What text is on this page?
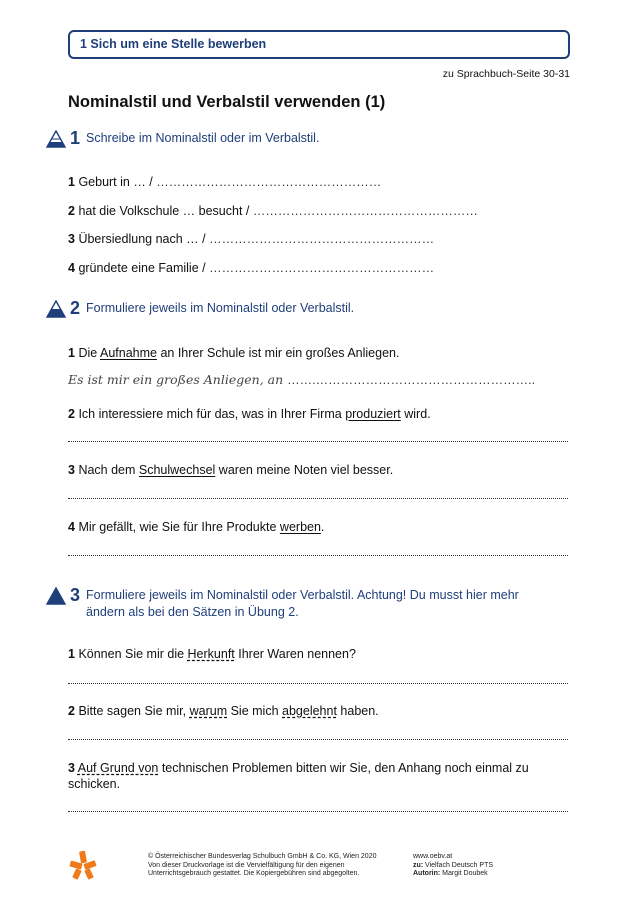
1 Sich um eine Stelle bewerben
zu Sprachbuch-Seite 30-31
Nominalstil und Verbalstil verwenden (1)
1 Schreibe im Nominalstil oder im Verbalstil.
1 Geburt in … / ………………………………………………
2 hat die Volkschule … besucht / ………………………………………………
3 Übersiedlung nach … / ………………………………………………
4 gründete eine Familie / ………………………………………………
2 Formuliere jeweils im Nominalstil oder Verbalstil.
1 Die Aufnahme an Ihrer Schule ist mir ein großes Anliegen.
Es ist mir ein großes Anliegen, an …….……………………………………………..
2 Ich interessiere mich für das, was in Ihrer Firma produziert wird.
3 Nach dem Schulwechsel waren meine Noten viel besser.
4 Mir gefällt, wie Sie für Ihre Produkte werben.
3 Formuliere jeweils im Nominalstil oder Verbalstil. Achtung! Du musst hier mehr
ändern als bei den Sätzen in Übung 2.
1 Können Sie mir die Herkunft Ihrer Waren nennen?
2 Bitte sagen Sie mir, warum Sie mich abgelehnt haben.
3 Auf Grund von technischen Problemen bitten wir Sie, den Anhang noch einmal zu
schicken.
© Österreichischer Bundesverlag Schulbuch GmbH & Co. KG, Wien 2020
Von dieser Druckvorlage ist die Vervielfältigung für den eigenen
Unterrichtsgebrauch gestattet. Die Kopiergebühren sind abgegolten.
www.oebv.at
zu: Vielfach Deutsch PTS
Autorin: Margit Doubek
